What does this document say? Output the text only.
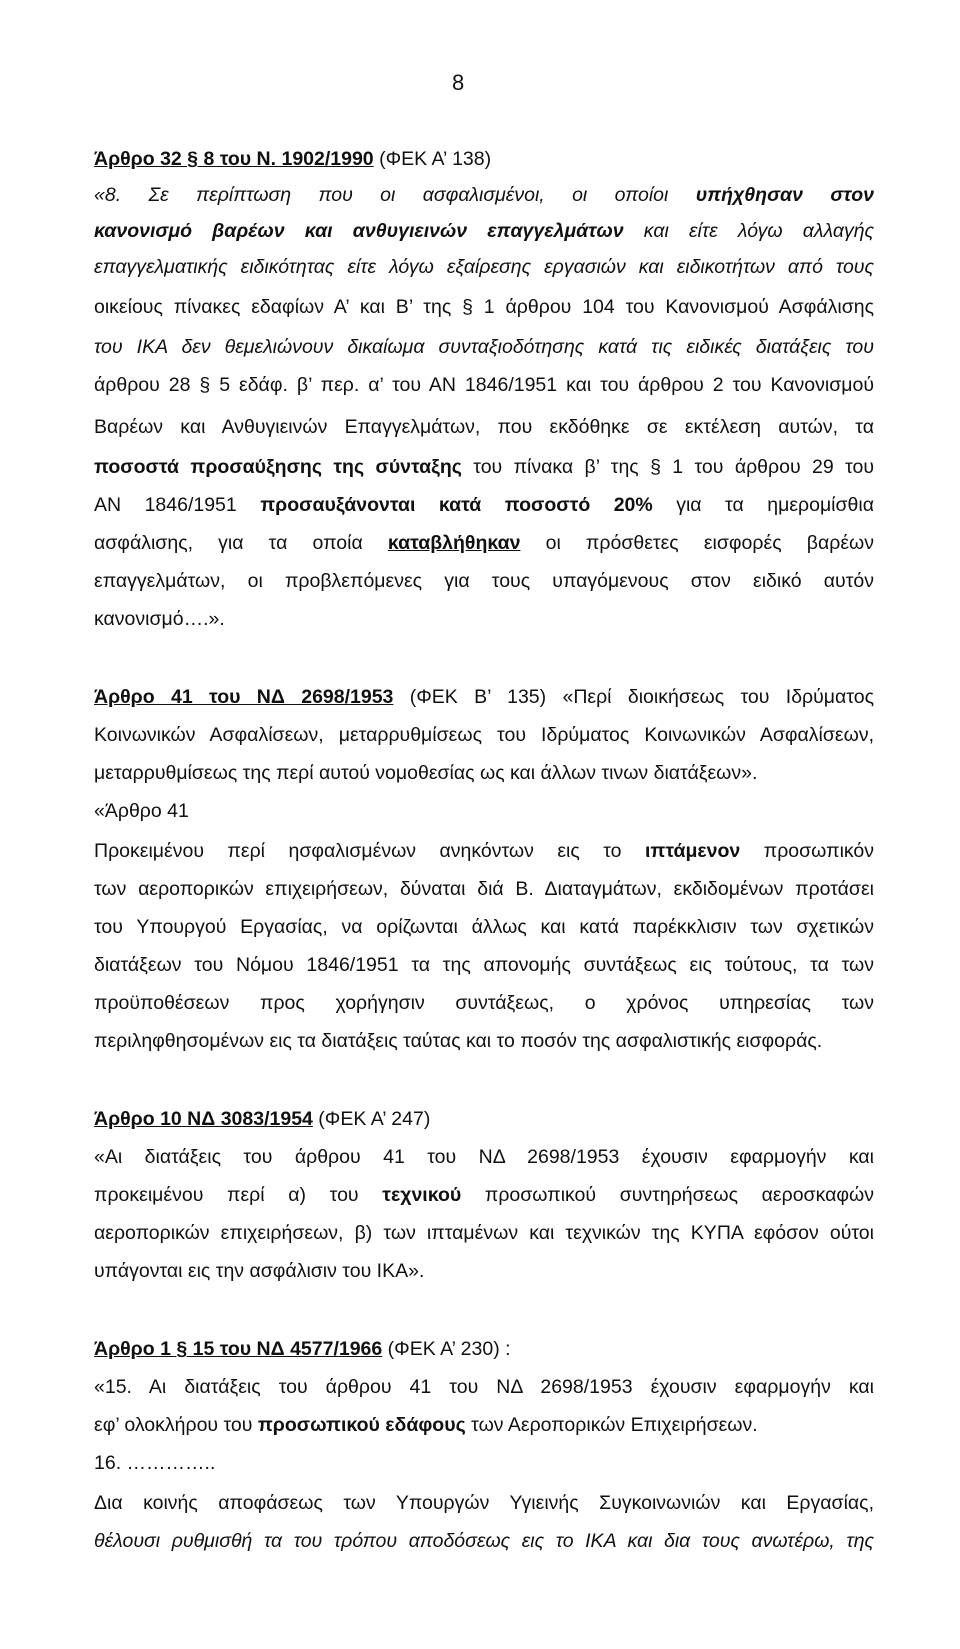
8
Άρθρο 32 § 8 του Ν. 1902/1990 (ΦΕΚ Α’ 138)
«8. Σε περίπτωση που οι ασφαλισμένοι, οι οποίοι υπήχθησαν στον
κανονισμό βαρέων και ανθυγιεινών επαγγελμάτων και είτε λόγω αλλαγής
επαγγελματικής ειδικότητας είτε λόγω εξαίρεσης εργασιών και ειδικοτήτων από τους
οικείους πίνακες εδαφίων Α’ και Β’ της § 1 άρθρου 104 του Κανονισμού Ασφάλισης
του ΙΚΑ δεν θεμελιώνουν δικαίωμα συνταξιοδότησης κατά τις ειδικές διατάξεις του
άρθρου 28 § 5 εδάφ. β’ περ. α’ του ΑΝ 1846/1951 και του άρθρου 2 του Κανονισμού
Βαρέων και Ανθυγιεινών Επαγγελμάτων, που εκδόθηκε σε εκτέλεση αυτών, τα
ποσοστά προσαύξησης της σύνταξης του πίνακα β’ της § 1 του άρθρου 29 του
ΑΝ 1846/1951 προσαυξάνονται κατά ποσοστό 20% για τα ημερομίσθια
ασφάλισης, για τα οποία καταβλήθηκαν οι πρόσθετες εισφορές βαρέων
επαγγελμάτων, οι προβλεπόμενες για τους υπαγόμενους στον ειδικό αυτόν
κανονισμό….».
Άρθρο 41 του ΝΔ 2698/1953 (ΦΕΚ Β’ 135) «Περί διοικήσεως του Ιδρύματος
Κοινωνικών Ασφαλίσεων, μεταρρυθμίσεως του Ιδρύματος Κοινωνικών Ασφαλίσεων,
μεταρρυθμίσεως της περί αυτού νομοθεσίας ως και άλλων τινων διατάξεων».
«Άρθρο 41
Προκειμένου περί ησφαλισμένων ανηκόντων εις το ιπτάμενον προσωπικόν
των αεροπορικών επιχειρήσεων, δύναται διά Β. Διαταγμάτων, εκδιδομένων προτάσει
του Υπουργού Εργασίας, να ορίζωνται άλλως και κατά παρέκκλισιν των σχετικών
διατάξεων του Νόμου 1846/1951 τα της απονομής συντάξεως εις τούτους, τα των
προϋποθέσεων προς χορήγησιν συντάξεως, ο χρόνος υπηρεσίας των
περιληφθησομένων εις τα διατάξεις ταύτας και το ποσόν της ασφαλιστικής εισφοράς.
Άρθρο 10 ΝΔ 3083/1954 (ΦΕΚ Α’ 247)
«Αι διατάξεις του άρθρου 41 του ΝΔ 2698/1953 έχουσιν εφαρμογήν και
προκειμένου περί α) του τεχνικού προσωπικού συντηρήσεως αεροσκαφών
αεροπορικών επιχειρήσεων, β) των ιπταμένων και τεχνικών της ΚΥΠΑ εφόσον ούτοι
υπάγονται εις την ασφάλισιν του ΙΚΑ».
Άρθρο 1 § 15 του ΝΔ 4577/1966 (ΦΕΚ Α’ 230) :
«15. Αι διατάξεις του άρθρου 41 του ΝΔ 2698/1953 έχουσιν εφαρμογήν και
εφ’ ολοκλήρου του προσωπικού εδάφους των Αεροπορικών Επιχειρήσεων.
16. …………..
Δια κοινής αποφάσεως των Υπουργών Υγιεινής Συγκοινωνιών και Εργασίας,
θέλουσι ρυθμισθή τα του τρόπου αποδόσεως εις το ΙΚΑ και δια τους ανωτέρω, της
